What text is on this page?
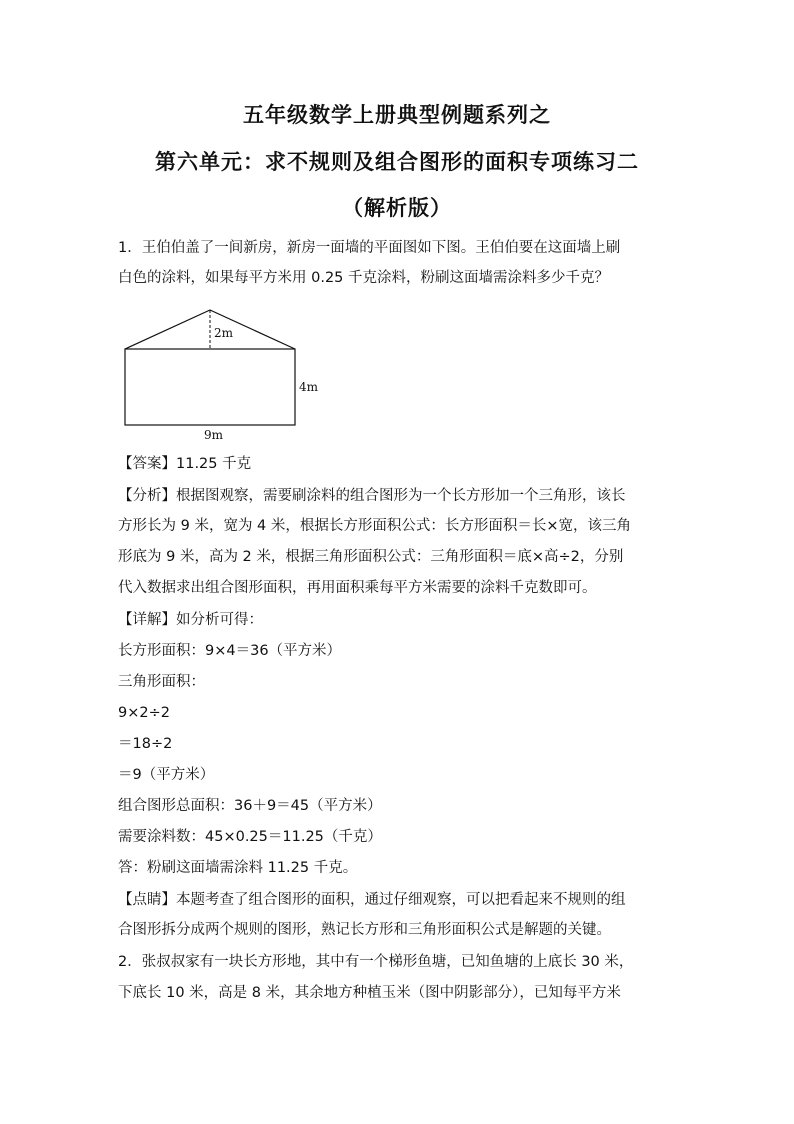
五年级数学上册典型例题系列之
第六单元：求不规则及组合图形的面积专项练习二
（解析版）
1．王伯伯盖了一间新房，新房一面墙的平面图如下图。王伯伯要在这面墙上刷
白色的涂料，如果每平方米用 0.25 千克涂料，粉刷这面墙需涂料多少千克？
2m
4m
9m
【答案】11.25 千克
【分析】根据图观察，需要刷涂料的组合图形为一个长方形加一个三角形，该长
方形长为 9 米，宽为 4 米，根据长方形面积公式：长方形面积＝长×宽，该三角
形底为 9 米，高为 2 米，根据三角形面积公式：三角形面积＝底×高÷2，分别
代入数据求出组合图形面积，再用面积乘每平方米需要的涂料千克数即可。
【详解】如分析可得：
长方形面积：9×4＝36（平方米）
三角形面积：
9×2÷2
＝18÷2
＝9（平方米）
组合图形总面积：36＋9＝45（平方米）
需要涂料数：45×0.25＝11.25（千克）
答：粉刷这面墙需涂料 11.25 千克。
【点睛】本题考查了组合图形的面积，通过仔细观察，可以把看起来不规则的组
合图形拆分成两个规则的图形，熟记长方形和三角形面积公式是解题的关键。
2．张叔叔家有一块长方形地，其中有一个梯形鱼塘，已知鱼塘的上底长 30 米，
下底长 10 米，高是 8 米，其余地方种植玉米（图中阴影部分），已知每平方米
